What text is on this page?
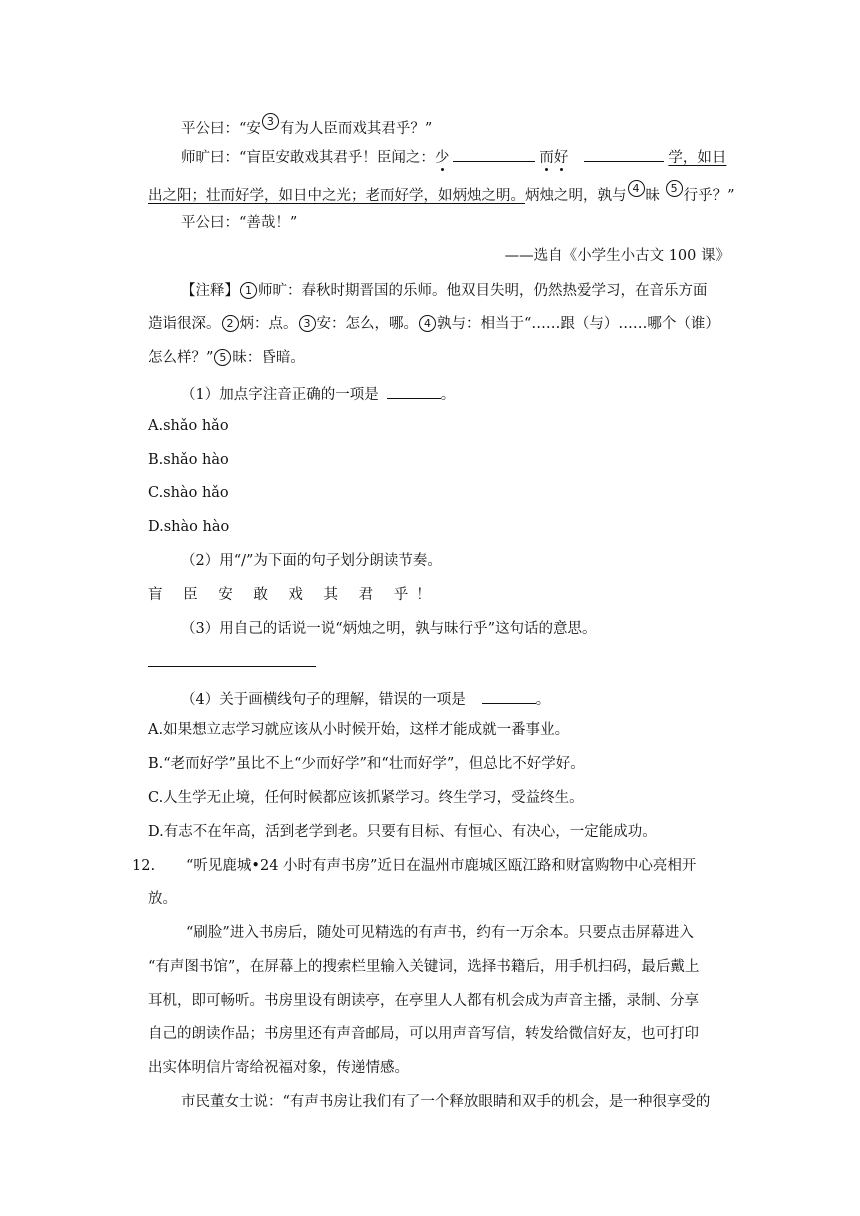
平公曰：“安 $^3$ 有为人臣而戏其君乎？”
师旷曰：“盲臣安敢戏其君乎！臣闻之：少	而好	学，如日
出之阳；壮而好学，如日中之光；老而好学，如炳烛之明。炳烛之明，孰与 $^4$ 昧 $^5$ 行乎？”
平公曰：“善哉！”
——选自《小学生小古文 100 课》
【注释】 1 师旷：春秋时期晋国的乐师。他双目失明，仍然热爱学习，在音乐方面
造诣很深。 2 炳：点。 3 安：怎么，哪。 4 孰与：相当于“……跟（与）……哪个（谁）
怎么样？” 5 昧：昏暗。
（1）加点字注音正确的一项是	。
A.shǎo hǎo
B.shǎo hào
C.shào hǎo
D.shào hào
（2）用“/”为下面的句子划分朗读节奏。
盲 臣 安 敢 戏 其 君 乎！
（3）用自己的话说一说“炳烛之明，孰与昧行乎”这句话的意思。
（4）关于画横线句子的理解，错误的一项是	。
A.如果想立志学习就应该从小时候开始，这样才能成就一番事业。
B.“老而好学”虽比不上“少而好学”和“壮而好学”，但总比不好学好。
C.人生学无止境，任何时候都应该抓紧学习。终生学习，受益终生。
D.有志不在年高，活到老学到老。只要有目标、有恒心、有决心，一定能成功。
12. “听见鹿城•24 小时有声书房”近日在温州市鹿城区瓯江路和财富购物中心亮相开
放。
“刷脸”进入书房后，随处可见精选的有声书，约有一万余本。只要点击屏幕进入
“有声图书馆”，在屏幕上的搜索栏里输入关键词，选择书籍后，用手机扫码，最后戴上
耳机，即可畅听。书房里设有朗读亭，在亭里人人都有机会成为声音主播，录制、分享
自己的朗读作品；书房里还有声音邮局，可以用声音写信，转发给微信好友，也可打印
出实体明信片寄给祝福对象，传递情感。
市民董女士说：“有声书房让我们有了一个释放眼睛和双手的机会，是一种很享受的
